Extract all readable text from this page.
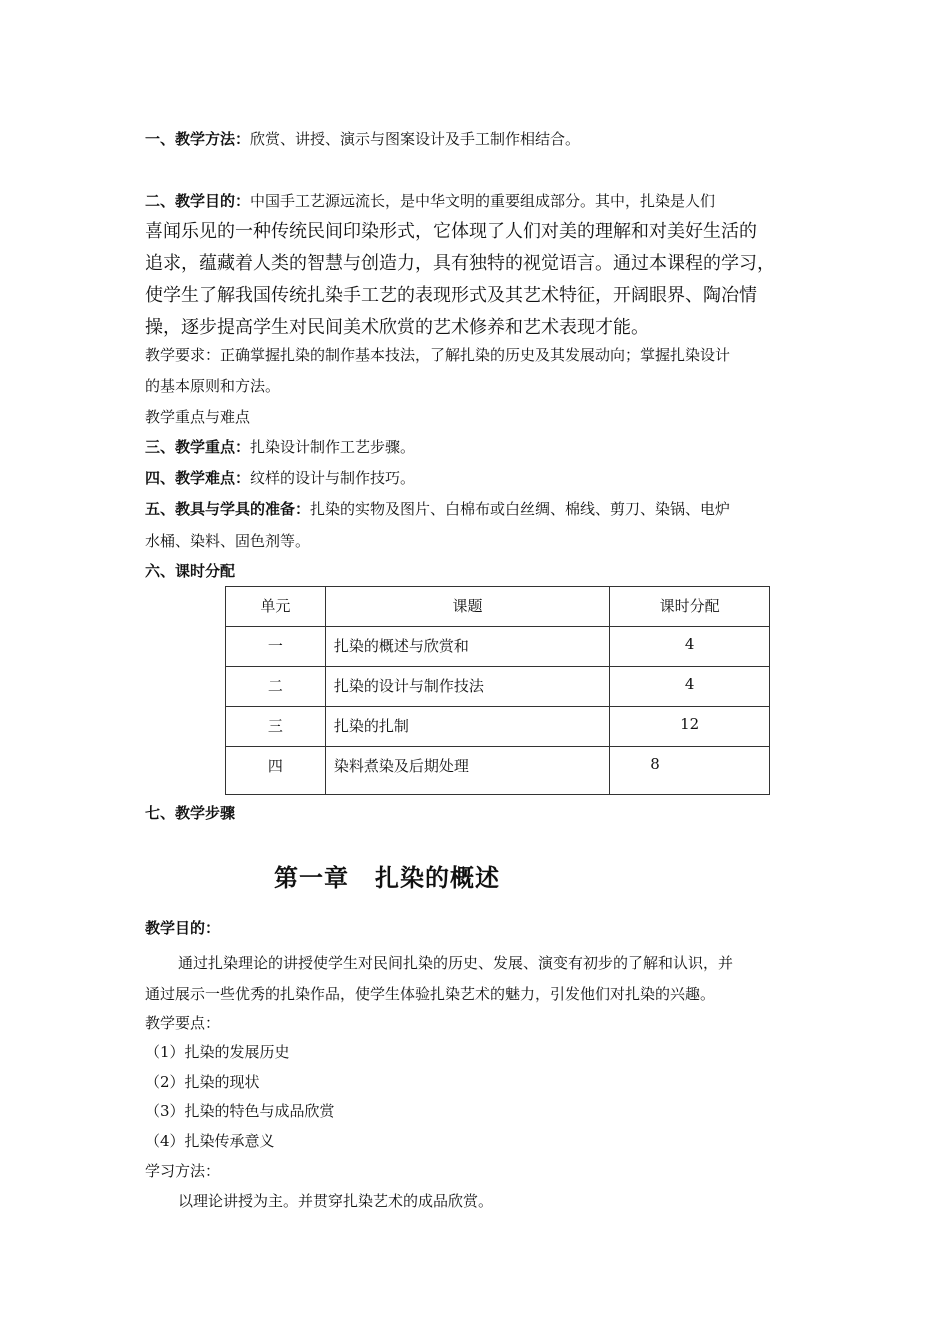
一、教学方法：欣赏、讲授、演示与图案设计及手工制作相结合。
二、教学目的：中国手工艺源远流长，是中华文明的重要组成部分。其中，扎染是人们
喜闻乐见的一种传统民间印染形式，它体现了人们对美的理解和对美好生活的
追求，蕴藏着人类的智慧与创造力，具有独特的视觉语言。通过本课程的学习，
使学生了解我国传统扎染手工艺的表现形式及其艺术特征，开阔眼界、陶冶情
操，逐步提高学生对民间美术欣赏的艺术修养和艺术表现才能。
教学要求：正确掌握扎染的制作基本技法，了解扎染的历史及其发展动向；掌握扎染设计
的基本原则和方法。
教学重点与难点
三、教学重点：扎染设计制作工艺步骤。
四、教学难点：纹样的设计与制作技巧。
五、教具与学具的准备：扎染的实物及图片、白棉布或白丝绸、棉线、剪刀、染锅、电炉
水桶、染料、固色剂等。
六、课时分配
单元	课题	课时分配
一	扎染的概述与欣赏和	4
二	扎染的设计与制作技法	4
三	扎染的扎制	12
四	染料煮染及后期处理	8
七、教学步骤
第一章 扎染的概述
教学目的：
通过扎染理论的讲授使学生对民间扎染的历史、发展、演变有初步的了解和认识，并
通过展示一些优秀的扎染作品，使学生体验扎染艺术的魅力，引发他们对扎染的兴趣。
教学要点：
（1）扎染的发展历史
（2）扎染的现状
（3）扎染的特色与成品欣赏
（4）扎染传承意义
学习方法：
以理论讲授为主。并贯穿扎染艺术的成品欣赏。
